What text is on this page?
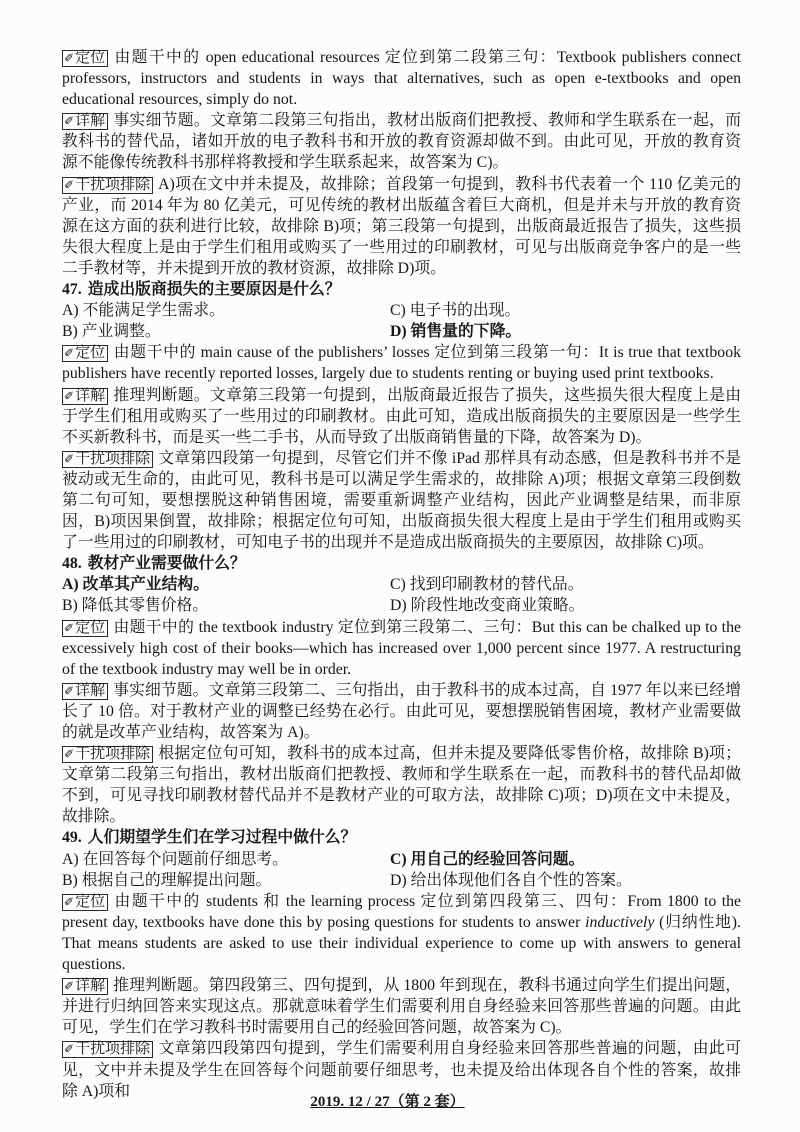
✐定位 由题干中的 open educational resources 定位到第二段第三句：Textbook publishers connect professors, instructors and students in ways that alternatives, such as open e-textbooks and open educational resources, simply do not.

✐详解 事实细节题。文章第二段第三句指出，教材出版商们把教授、教师和学生联系在一起，而教科书的替代品，诸如开放的电子教科书和开放的教育资源却做不到。由此可见，开放的教育资源不能像传统教科书那样将教授和学生联系起来，故答案为 C)。

✐干扰项排除 A)项在文中并未提及，故排除；首段第一句提到，教科书代表着一个 110 亿美元的产业，而 2014 年为 80 亿美元，可见传统的教材出版蕴含着巨大商机，但是并未与开放的教育资源在这方面的获利进行比较，故排除 B)项；第三段第一句提到，出版商最近报告了损失，这些损失很大程度上是由于学生们租用或购买了一些用过的印刷教材，可见与出版商竞争客户的是一些二手教材等，并未提到开放的教材资源，故排除 D)项。

47. 造成出版商损失的主要原因是什么？

A) 不能满足学生需求。	C) 电子书的出现。
B) 产业调整。	D) 销售量的下降。

✐定位 由题干中的 main cause of the publishers’ losses 定位到第三段第一句：It is true that textbook publishers have recently reported losses, largely due to students renting or buying used print textbooks.

✐详解 推理判断题。文章第三段第一句提到，出版商最近报告了损失，这些损失很大程度上是由于学生们租用或购买了一些用过的印刷教材。由此可知，造成出版商损失的主要原因是一些学生不买新教科书，而是买一些二手书，从而导致了出版商销售量的下降，故答案为 D)。

✐干扰项排除 文章第四段第一句提到，尽管它们并不像 iPad 那样具有动态感，但是教科书并不是被动或无生命的，由此可见，教科书是可以满足学生需求的，故排除 A)项；根据文章第三段倒数第二句可知，要想摆脱这种销售困境，需要重新调整产业结构，因此产业调整是结果，而非原因，B)项因果倒置，故排除；根据定位句可知，出版商损失很大程度上是由于学生们租用或购买了一些用过的印刷教材，可知电子书的出现并不是造成出版商损失的主要原因，故排除 C)项。

48. 教材产业需要做什么？

A) 改革其产业结构。	C) 找到印刷教材的替代品。
B) 降低其零售价格。	D) 阶段性地改变商业策略。

✐定位 由题干中的 the textbook industry 定位到第三段第二、三句：But this can be chalked up to the excessively high cost of their books—which has increased over 1,000 percent since 1977. A restructuring of the textbook industry may well be in order.

✐详解 事实细节题。文章第三段第二、三句指出，由于教科书的成本过高，自 1977 年以来已经增长了 10 倍。对于教材产业的调整已经势在必行。由此可见，要想摆脱销售困境，教材产业需要做的就是改革产业结构，故答案为 A)。

✐干扰项排除 根据定位句可知，教科书的成本过高，但并未提及要降低零售价格，故排除 B)项；文章第二段第三句指出，教材出版商们把教授、教师和学生联系在一起，而教科书的替代品却做不到，可见寻找印刷教材替代品并不是教材产业的可取方法，故排除 C)项；D)项在文中未提及，故排除。

49. 人们期望学生们在学习过程中做什么？

A) 在回答每个问题前仔细思考。	C) 用自己的经验回答问题。
B) 根据自己的理解提出问题。	D) 给出体现他们各自个性的答案。

✐定位 由题干中的 students 和 the learning process 定位到第四段第三、四句：From 1800 to the present day, textbooks have done this by posing questions for students to answer inductively (归纳性地). That means students are asked to use their individual experience to come up with answers to general questions.

✐详解 推理判断题。第四段第三、四句提到，从 1800 年到现在，教科书通过向学生们提出问题，并进行归纳回答来实现这点。那就意味着学生们需要利用自身经验来回答那些普遍的问题。由此可见，学生们在学习教科书时需要用自己的经验回答问题，故答案为 C)。

✐干扰项排除 文章第四段第四句提到，学生们需要利用自身经验来回答那些普遍的问题，由此可见，文中并未提及学生在回答每个问题前要仔细思考，也未提及给出体现各自个性的答案，故排除 A)项和

2019. 12 / 27（第 2 套）
